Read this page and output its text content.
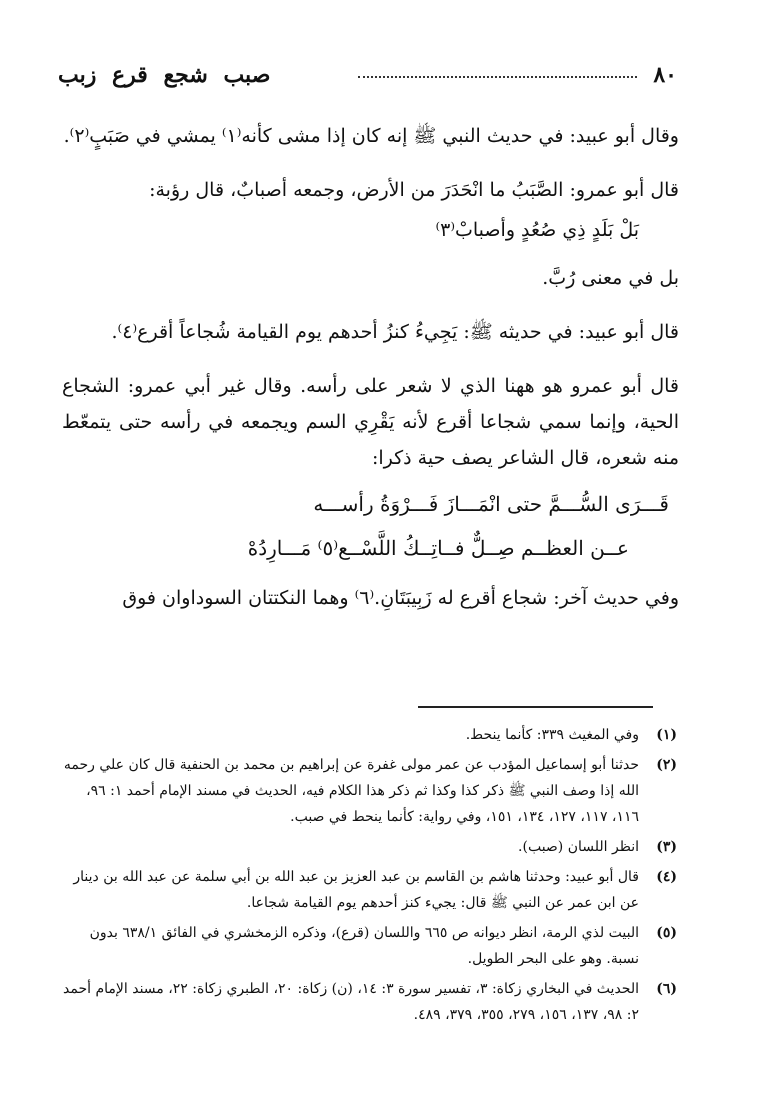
٨٠
صبب شجع قرع زبب

وقال أبو عبيد: في حديث النبي ﷺ إنه كان إذا مشى كأنه⁽١⁾ يمشي في صَبَبٍ⁽٢⁾.

قال أبو عمرو: الصَّبَبُ ما انْحَدَرَ من الأرض، وجمعه أصبابٌ، قال رؤبة:

بَلْ بَلَدٍ ذِي صُعُدٍ وأصبابْ⁽٣⁾

بل في معنى رُبَّ.

قال أبو عبيد: في حديثه ﷺ: يَجِيءُ كنزُ أحدهم يوم القيامة شُجاعاً أقرع⁽٤⁾.

قال أبو عمرو هو ههنا الذي لا شعر على رأسه. وقال غير أبي عمرو: الشجاع الحية، وإنما سمي شجاعا أقرع لأنه يَقْرِي السم ويجمعه في رأسه حتى يتمعّط منه شعره، قال الشاعر يصف حية ذكرا:

قَـــرَى السُّـــمَّ حتى انْمَـــازَ فَـــرْوَةُ رأســـه
عــن العظــم صِــلٌّ فــاتِــكُ اللَّسْــع⁽٥⁾ مَـــارِدُهْ

وفي حديث آخر: شجاع أقرع له زَبِيبَتَانِ.⁽٦⁾ وهما النكتتان السوداوان فوق

(١)
وفي المغيث ٣٣٩: كأنما ينحط.
(٢)
حدثنا أبو إسماعيل المؤدب عن عمر مولى غفرة عن إبراهيم بن محمد بن الحنفية قال كان علي رحمه الله إذا وصف النبي ﷺ ذكر كذا وكذا ثم ذكر هذا الكلام فيه، الحديث في مسند الإمام أحمد ١: ٩٦، ١١٦، ١١٧، ١٢٧، ١٣٤، ١٥١، وفي رواية: كأنما ينحط في صبب.
(٣)
انظر اللسان (صبب).
(٤)
قال أبو عبيد: وحدثنا هاشم بن القاسم بن عبد العزيز بن عبد الله بن أبي سلمة عن عبد الله بن دينار عن ابن عمر عن النبي ﷺ قال: يجيء كنز أحدهم يوم القيامة شجاعا.
(٥)
البيت لذي الرمة، انظر ديوانه ص ٦٦٥ واللسان (قرع)، وذكره الزمخشري في الفائق ٦٣٨/١ بدون نسبة. وهو على البحر الطويل.
(٦)
الحديث في البخاري زكاة: ٣، تفسير سورة ٣: ١٤، (ن) زكاة: ٢٠، الطبري زكاة: ٢٢، مسند الإمام أحمد ٢: ٩٨، ١٣٧، ١٥٦، ٢٧٩، ٣٥٥، ٣٧٩، ٤٨٩.
